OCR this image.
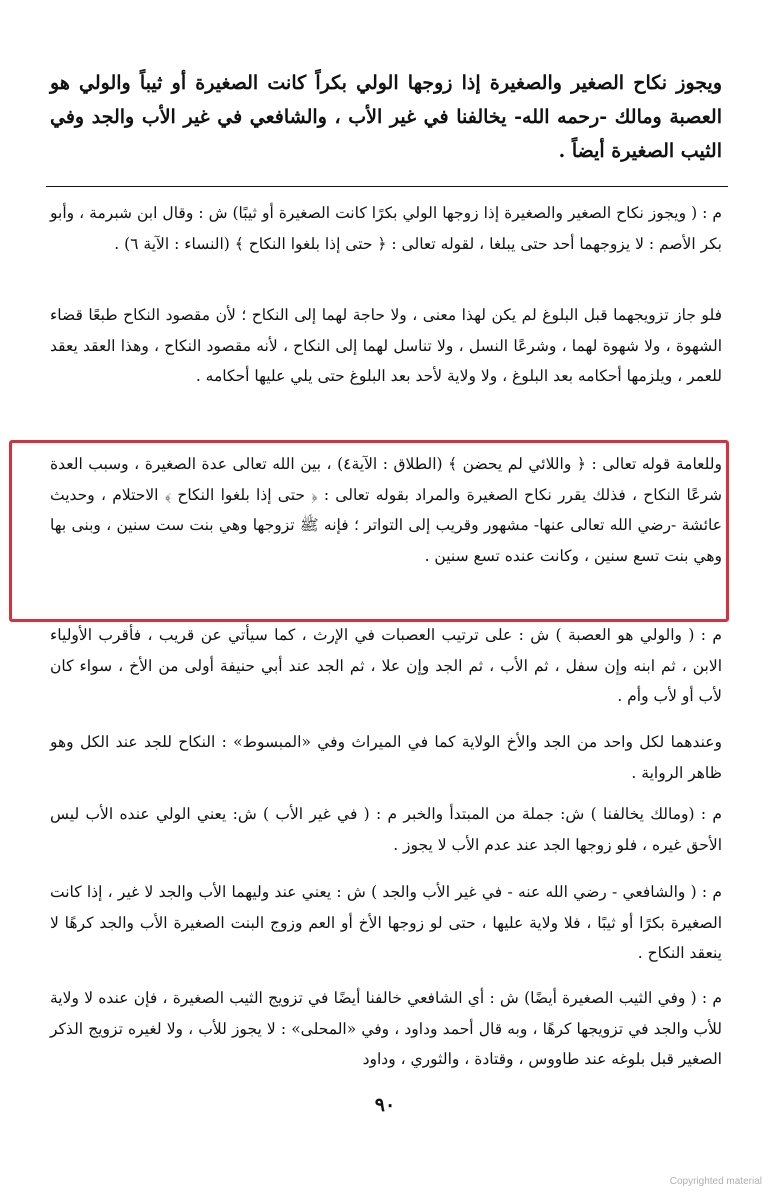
ويجوز نكاح الصغير والصغيرة إذا زوجها الولي بكراً كانت الصغيرة أو ثيباً والولي هو العصبة ومالك -رحمه الله- يخالفنا في غير الأب ، والشافعي في غير الأب والجد وفي الثيب الصغيرة أيضاً .
م : ( ويجوز نكاح الصغير والصغيرة إذا زوجها الولي بكرًا كانت الصغيرة أو ثيبًا) ش : وقال ابن شبرمة ، وأبو بكر الأصم : لا يزوجهما أحد حتى يبلغا ، لقوله تعالى : ﴿ حتى إذا بلغوا النكاح ﴾ (النساء : الآية ٦) .
فلو جاز تزويجهما قبل البلوغ لم يكن لهذا معنى ، ولا حاجة لهما إلى النكاح ؛ لأن مقصود النكاح طبعًا قضاء الشهوة ، ولا شهوة لهما ، وشرعًا النسل ، ولا تناسل لهما إلى النكاح ، لأنه مقصود النكاح ، وهذا العقد يعقد للعمر ، ويلزمها أحكامه بعد البلوغ ، ولا ولاية لأحد بعد البلوغ حتى يلي عليها أحكامه .
وللعامة قوله تعالى : ﴿ واللائي لم يحضن ﴾ (الطلاق : الآية٤) ، بين الله تعالى عدة الصغيرة ، وسبب العدة شرعًا النكاح ، فذلك يقرر نكاح الصغيرة والمراد بقوله تعالى : ﴿ حتى إذا بلغوا النكاح ﴾ الاحتلام ، وحديث عائشة -رضي الله تعالى عنها- مشهور وقريب إلى التواتر ؛ فإنه ﷺ تزوجها وهي بنت ست سنين ، وبنى بها وهي بنت تسع سنين ، وكانت عنده تسع سنين .
م : ( والولي هو العصبة ) ش : على ترتيب العصبات في الإرث ، كما سيأتي عن قريب ، فأقرب الأولياء الابن ، ثم ابنه وإن سفل ، ثم الأب ، ثم الجد وإن علا ، ثم الجد عند أبي حنيفة أولى من الأخ ، سواء كان لأب أو لأب وأم .
وعندهما لكل واحد من الجد والأخ الولاية كما في الميراث وفي «المبسوط» : النكاح للجد عند الكل وهو ظاهر الرواية .
م : (ومالك يخالفنا ) ش: جملة من المبتدأ والخبر م : ( في غير الأب ) ش: يعني الولي عنده الأب ليس الأحق غيره ، فلو زوجها الجد عند عدم الأب لا يجوز .
م : ( والشافعي - رضي الله عنه - في غير الأب والجد ) ش : يعني عند وليهما الأب والجد لا غير ، إذا كانت الصغيرة بكرًا أو ثيبًا ، فلا ولاية عليها ، حتى لو زوجها الأخ أو العم وزوج البنت الصغيرة الأب والجد كرهًا لا ينعقد النكاح .
م : ( وفي الثيب الصغيرة أيضًا) ش : أي الشافعي خالفنا أيضًا في تزويج الثيب الصغيرة ، فإن عنده لا ولاية للأب والجد في تزويجها كرهًا ، وبه قال أحمد وداود ، وفي «المحلى» : لا يجوز للأب ، ولا لغيره تزويج الذكر الصغير قبل بلوغه عند طاووس ، وقتادة ، والثوري ، وداود
٩٠
Copyrighted material
